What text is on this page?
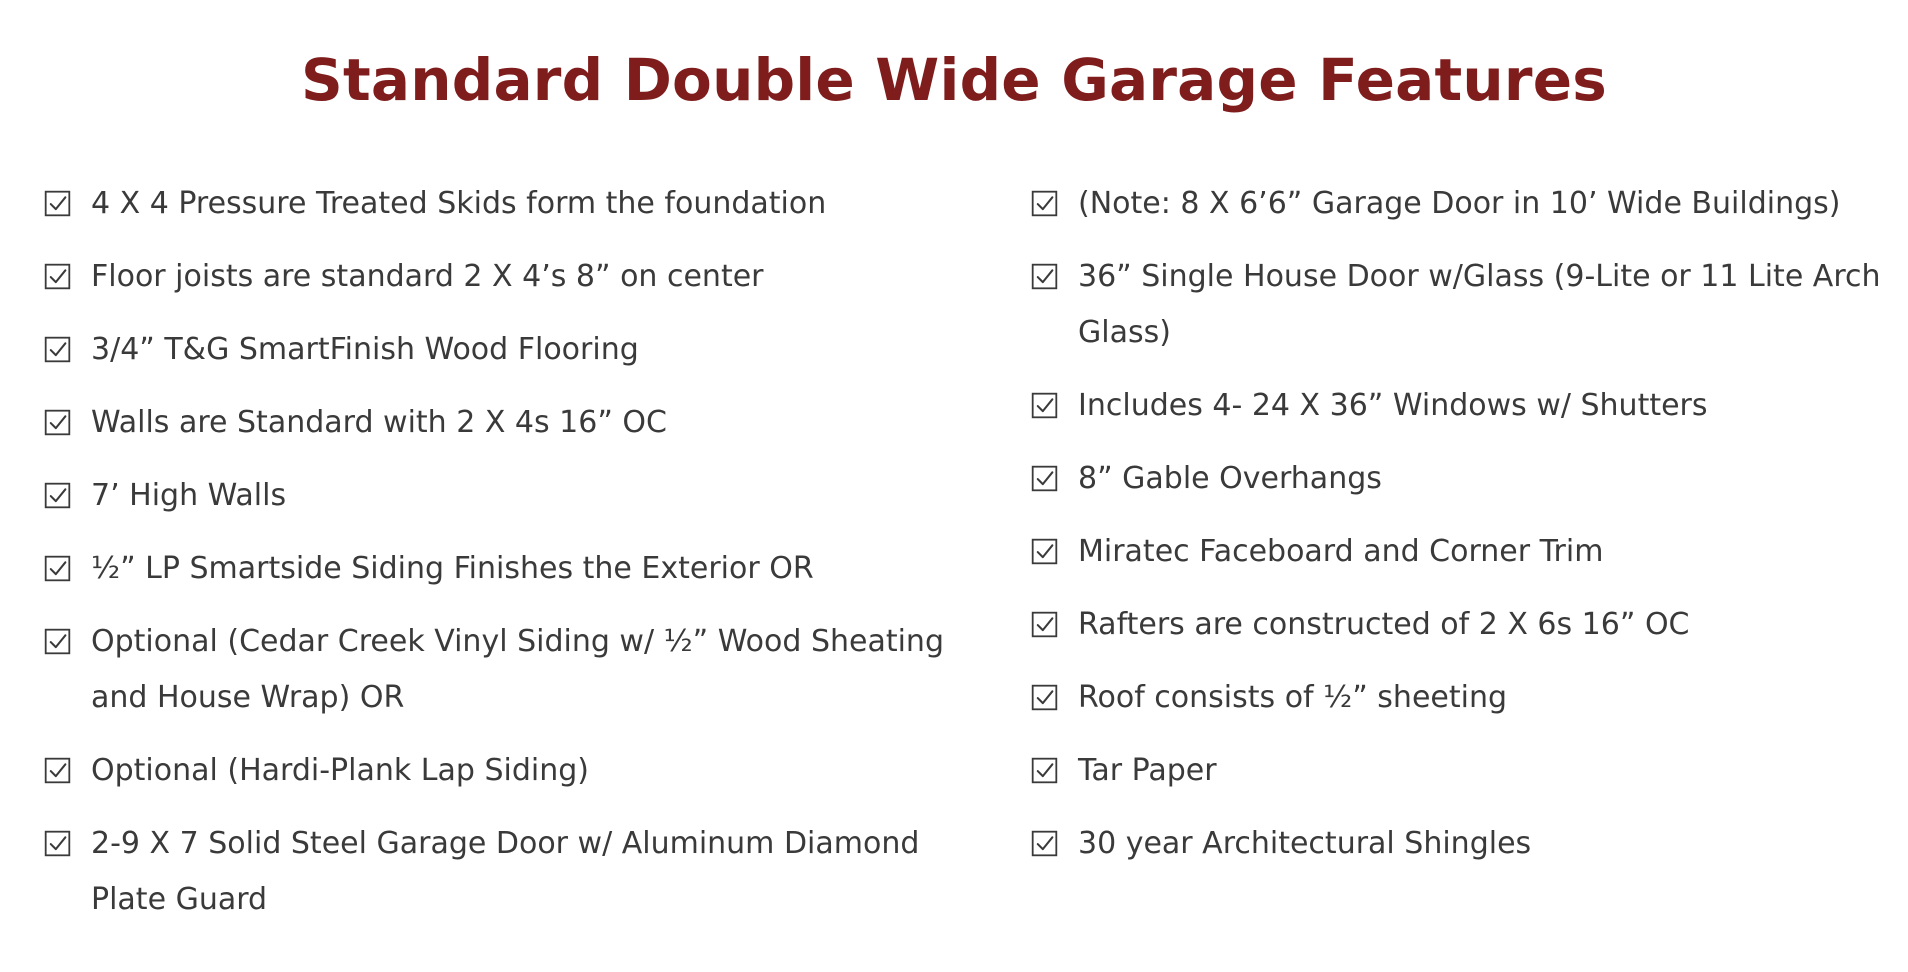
Standard Double Wide Garage Features
4 X 4 Pressure Treated Skids form the foundation
Floor joists are standard 2 X 4’s 8” on center
3/4” T&G SmartFinish Wood Flooring
Walls are Standard with 2 X 4s 16” OC
7’ High Walls
½” LP Smartside Siding Finishes the Exterior OR
Optional (Cedar Creek Vinyl Siding w/ ½” Wood Sheating and House Wrap) OR
Optional (Hardi-Plank Lap Siding)
2-9 X 7 Solid Steel Garage Door w/ Aluminum Diamond Plate Guard
(Note: 8 X 6’6” Garage Door in 10’ Wide Buildings)
36” Single House Door w/Glass (9-Lite or 11 Lite Arch Glass)
Includes 4- 24 X 36” Windows w/ Shutters
8” Gable Overhangs
Miratec Faceboard and Corner Trim
Rafters are constructed of 2 X 6s 16” OC
Roof consists of ½” sheeting
Tar Paper
30 year Architectural Shingles
